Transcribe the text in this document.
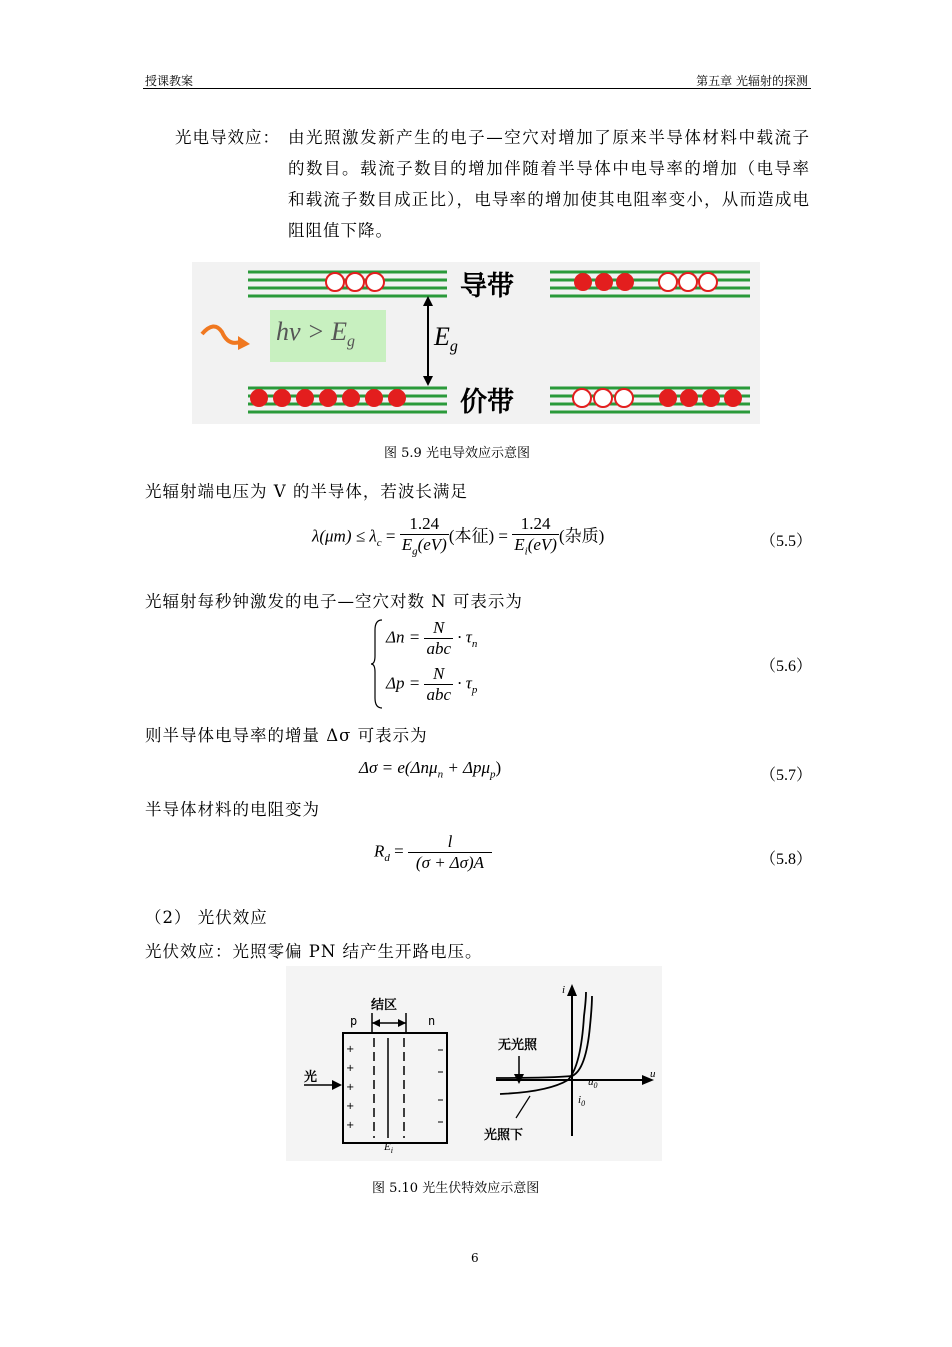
授课教案	第五章 光辐射的探测
光电导效应： 由光照激发新产生的电子—空穴对增加了原来半导体材料中载流子的数目。载流子数目的增加伴随着半导体中电导率的增加（电导率和载流子数目成正比），电导率的增加使其电阻率变小，从而造成电阻阻值下降。
导带
价带
hv > $E_g$	$E_g$
图 5.9 光电导效应示意图
光辐射端电压为 V 的半导体，若波长满足
$\lambda(\mu m) \le \lambda_c = \frac{1.24}{E_g(eV)}$ (本征) = $\frac{1.24}{E_i(eV)}$ (杂质)	（5.5）
光辐射每秒钟激发的电子—空穴对数 N 可表示为
$\Delta n = \frac{N}{\text{abc}} \cdot \tau_n$
$\Delta p = \frac{N}{\text{abc}} \cdot \tau_p$
（5.6）
则半导体电导率的增量 Δσ 可表示为
Δσ = e(Δnμ$_n$ + Δpμ$_p$)	（5.7）
半导体材料的电阻变为
$R_d = \frac{l}{(\sigma + \Delta\sigma)A}$	（5.8）
（2） 光伏效应
光伏效应：光照零偏 PN 结产生开路电压。
+
+
+
+
+
结区
p	n
光
$E_i$
无光照
光照下
i
u
$u_0$
$i_0$
图 5.10 光生伏特效应示意图
6
